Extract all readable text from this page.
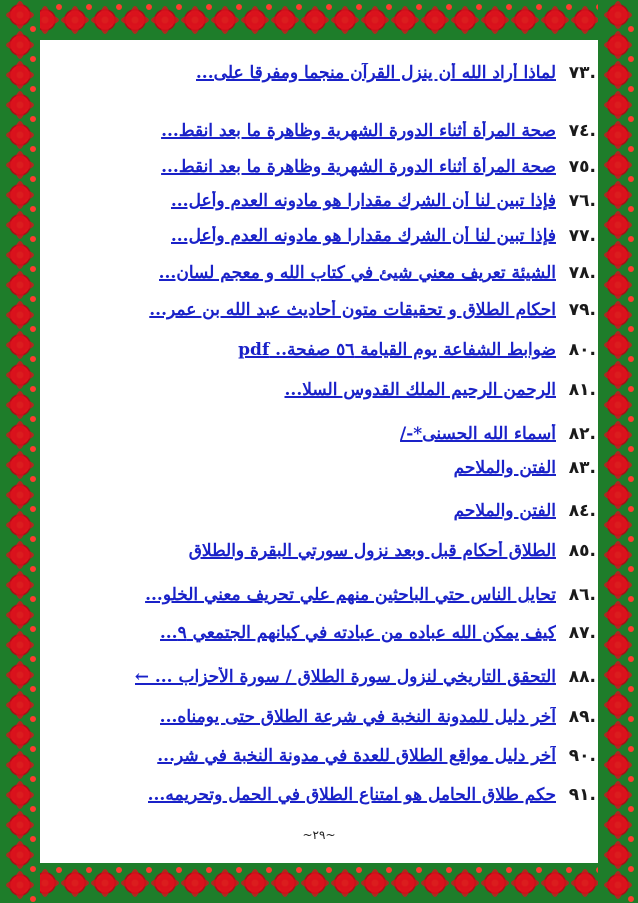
.٧٣
لماذا أراد الله أن ينزل القرآن منجما ومفرقا على...
.٧٤
صحة المرأة أثناء الدورة الشهرية وظاهرة ما بعد انقط...
.٧٥
صحة المرأة أثناء الدورة الشهرية وظاهرة ما بعد انقط...
.٧٦
فإذا تبين لنا أن الشرك مقدارا هو مادونه العدم وأعل...
.٧٧
فإذا تبين لنا أن الشرك مقدارا هو مادونه العدم وأعل...
.٧٨
الشيئة تعريف معني شيئ في كتاب الله و معجم لسان...
.٧٩
احكام الطلاق و تحقيقات متون أحاديث عبد الله بن عمر...
.٨٠
ضوابط الشفاعة يوم القيامة ٥٦ صفحة.. pdf
.٨١
الرحمن الرحيم الملك القدوس السلا...
.٨٢
أسماء الله الحسنى*-/
.٨٣
الفتن والملاحم
.٨٤
الفتن والملاحم
.٨٥
الطلاق أحكام قبل وبعد نزول سورتي البقرة والطلاق
.٨٦
تحايل الناس حتي الباحثين منهم علي تحريف معني الخلو...
.٨٧
كيف يمكن الله عباده من عبادته في كيانهم الجتمعي ٩...
.٨٨
التحقق التاريخي لنزول سورة الطلاق / سورة الأحزاب ... ←
.٨٩
آخر دليل للمدونة النخبة في شرعة الطلاق حتى يومناه...
.٩٠
آخر دليل مواقع الطلاق للعدة في مدونة النخبة في شر...
.٩١
حكم طلاق الحامل هو امتناع الطلاق في الحمل وتحريمه...
~٢٩~
